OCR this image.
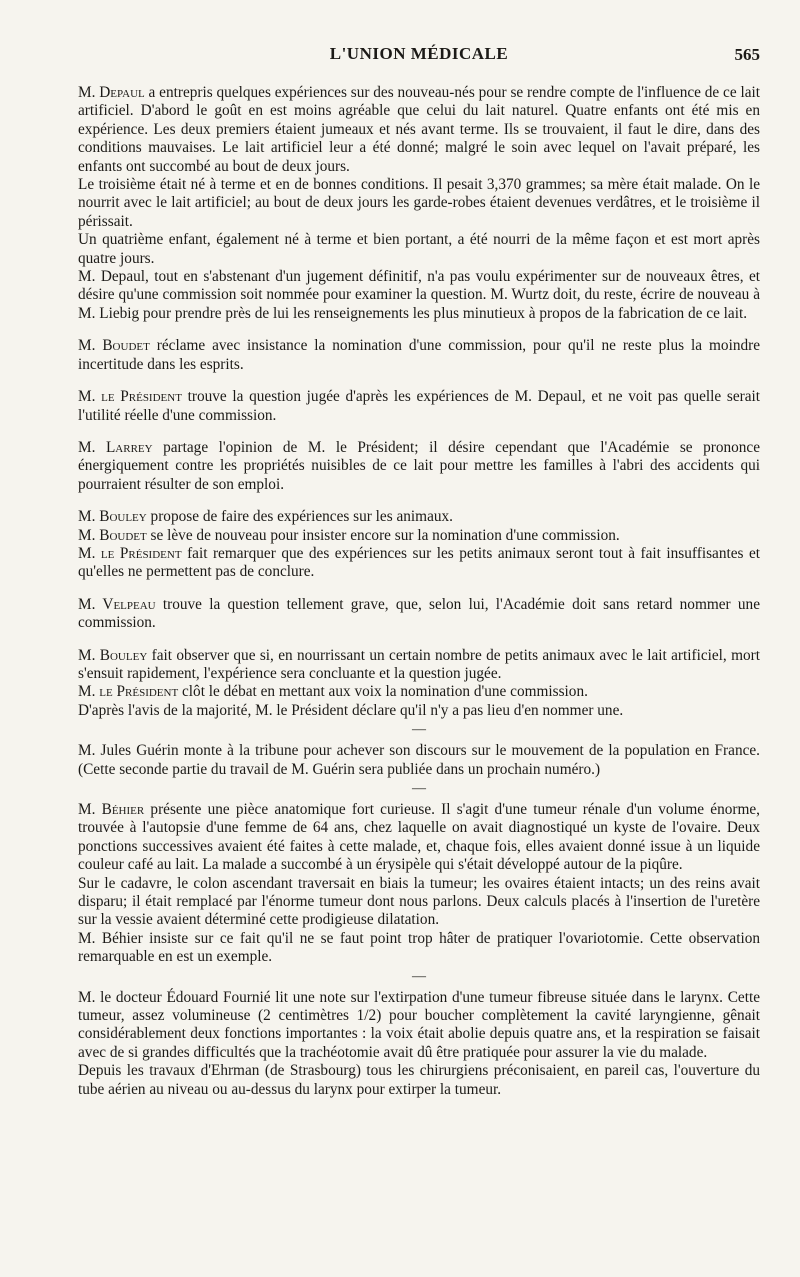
L'UNION MÉDICALE	565

M. Depaul a entrepris quelques expériences sur des nouveau-nés pour se rendre compte de l'influence de ce lait artificiel. D'abord le goût en est moins agréable que celui du lait naturel. Quatre enfants ont été mis en expérience. Les deux premiers étaient jumeaux et nés avant terme. Ils se trouvaient, il faut le dire, dans des conditions mauvaises. Le lait artificiel leur a été donné; malgré le soin avec lequel on l'avait préparé, les enfants ont succombé au bout de deux jours.

Le troisième était né à terme et en de bonnes conditions. Il pesait 3,370 grammes; sa mère était malade. On le nourrit avec le lait artificiel; au bout de deux jours les garde-robes étaient devenues verdâtres, et le troisième il périssait.

Un quatrième enfant, également né à terme et bien portant, a été nourri de la même façon et est mort après quatre jours.

M. Depaul, tout en s'abstenant d'un jugement définitif, n'a pas voulu expérimenter sur de nouveaux êtres, et désire qu'une commission soit nommée pour examiner la question. M. Wurtz doit, du reste, écrire de nouveau à M. Liebig pour prendre près de lui les renseignements les plus minutieux à propos de la fabrication de ce lait.

M. Boudet réclame avec insistance la nomination d'une commission, pour qu'il ne reste plus la moindre incertitude dans les esprits.

M. le Président trouve la question jugée d'après les expériences de M. Depaul, et ne voit pas quelle serait l'utilité réelle d'une commission.

M. Larrey partage l'opinion de M. le Président; il désire cependant que l'Académie se prononce énergiquement contre les propriétés nuisibles de ce lait pour mettre les familles à l'abri des accidents qui pourraient résulter de son emploi.

M. Bouley propose de faire des expériences sur les animaux.

M. Boudet se lève de nouveau pour insister encore sur la nomination d'une commission.

M. le Président fait remarquer que des expériences sur les petits animaux seront tout à fait insuffisantes et qu'elles ne permettent pas de conclure.

M. Velpeau trouve la question tellement grave, que, selon lui, l'Académie doit sans retard nommer une commission.

M. Bouley fait observer que si, en nourrissant un certain nombre de petits animaux avec le lait artificiel, mort s'ensuit rapidement, l'expérience sera concluante et la question jugée.

M. le Président clôt le débat en mettant aux voix la nomination d'une commission.

D'après l'avis de la majorité, M. le Président déclare qu'il n'y a pas lieu d'en nommer une.

—

M. Jules Guérin monte à la tribune pour achever son discours sur le mouvement de la population en France. (Cette seconde partie du travail de M. Guérin sera publiée dans un prochain numéro.)

—

M. Béhier présente une pièce anatomique fort curieuse. Il s'agit d'une tumeur rénale d'un volume énorme, trouvée à l'autopsie d'une femme de 64 ans, chez laquelle on avait diagnostiqué un kyste de l'ovaire. Deux ponctions successives avaient été faites à cette malade, et, chaque fois, elles avaient donné issue à un liquide couleur café au lait. La malade a succombé à un érysipèle qui s'était développé autour de la piqûre.

Sur le cadavre, le colon ascendant traversait en biais la tumeur; les ovaires étaient intacts; un des reins avait disparu; il était remplacé par l'énorme tumeur dont nous parlons. Deux calculs placés à l'insertion de l'uretère sur la vessie avaient déterminé cette prodigieuse dilatation.

M. Béhier insiste sur ce fait qu'il ne se faut point trop hâter de pratiquer l'ovariotomie. Cette observation remarquable en est un exemple.

—

M. le docteur Édouard Fournié lit une note sur l'extirpation d'une tumeur fibreuse située dans le larynx. Cette tumeur, assez volumineuse (2 centimètres 1/2) pour boucher complètement la cavité laryngienne, gênait considérablement deux fonctions importantes : la voix était abolie depuis quatre ans, et la respiration se faisait avec de si grandes difficultés que la trachéotomie avait dû être pratiquée pour assurer la vie du malade.

Depuis les travaux d'Ehrman (de Strasbourg) tous les chirurgiens préconisaient, en pareil cas, l'ouverture du tube aérien au niveau ou au-dessus du larynx pour extirper la tumeur.
